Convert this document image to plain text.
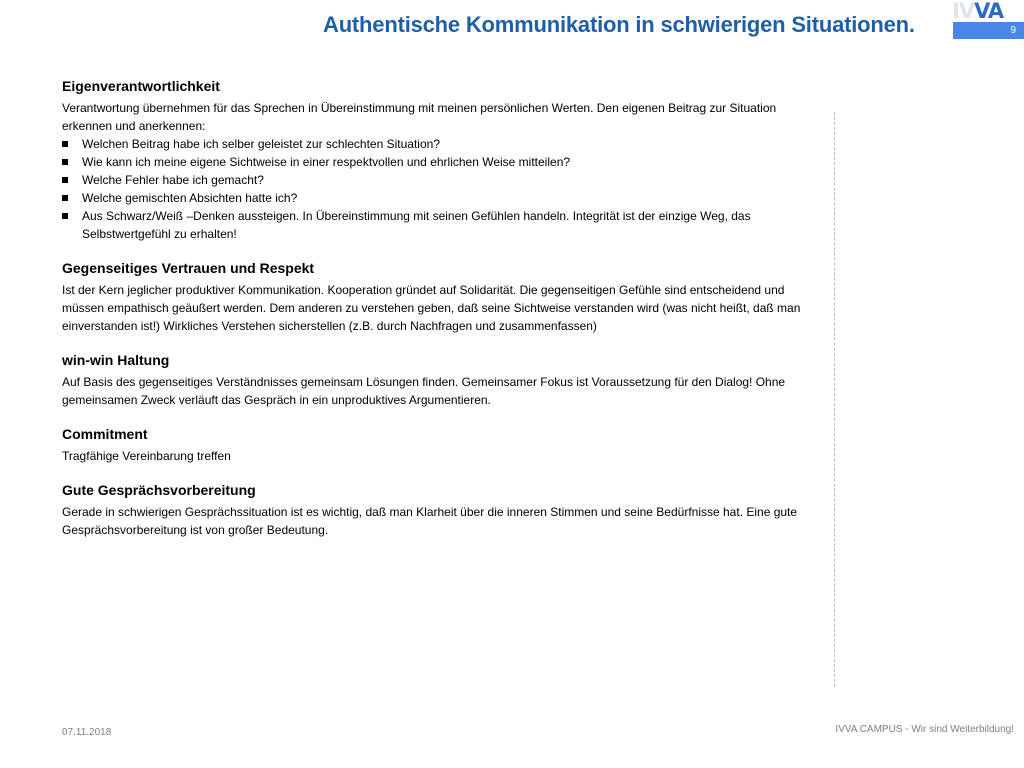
Authentische Kommunikation in schwierigen Situationen.
IVVA
9
Eigenverantwortlichkeit

Verantwortung übernehmen für das Sprechen in Übereinstimmung mit meinen persönlichen Werten. Den eigenen Beitrag zur Situation erkennen und anerkennen:

Welchen Beitrag habe ich selber geleistet zur schlechten Situation?
Wie kann ich meine eigene Sichtweise in einer respektvollen und ehrlichen Weise mitteilen?
Welche Fehler habe ich gemacht?
Welche gemischten Absichten hatte ich?
Aus Schwarz/Weiß –Denken aussteigen. In Übereinstimmung mit seinen Gefühlen handeln. Integrität ist der einzige Weg, das Selbstwertgefühl zu erhalten!
Gegenseitiges Vertrauen und Respekt

Ist der Kern jeglicher produktiver Kommunikation. Kooperation gründet auf Solidarität. Die gegenseitigen Gefühle sind entscheidend und müssen empathisch geäußert werden. Dem anderen zu verstehen geben, daß seine Sichtweise verstanden wird (was nicht heißt, daß man einverstanden ist!) Wirkliches Verstehen sicherstellen (z.B. durch Nachfragen und zusammenfassen)

win-win Haltung

Auf Basis des gegenseitiges Verständnisses gemeinsam Lösungen finden. Gemeinsamer Fokus ist Voraussetzung für den Dialog! Ohne gemeinsamen Zweck verläuft das Gespräch in ein unproduktives Argumentieren.

Commitment

Tragfähige Vereinbarung treffen

Gute Gesprächsvorbereitung

Gerade in schwierigen Gesprächssituation ist es wichtig, daß man Klarheit über die inneren Stimmen und seine Bedürfnisse hat. Eine gute Gesprächsvorbereitung ist von großer Bedeutung.

07.11.2018	IVVA CAMPUS - Wir sind Weiterbildung!
